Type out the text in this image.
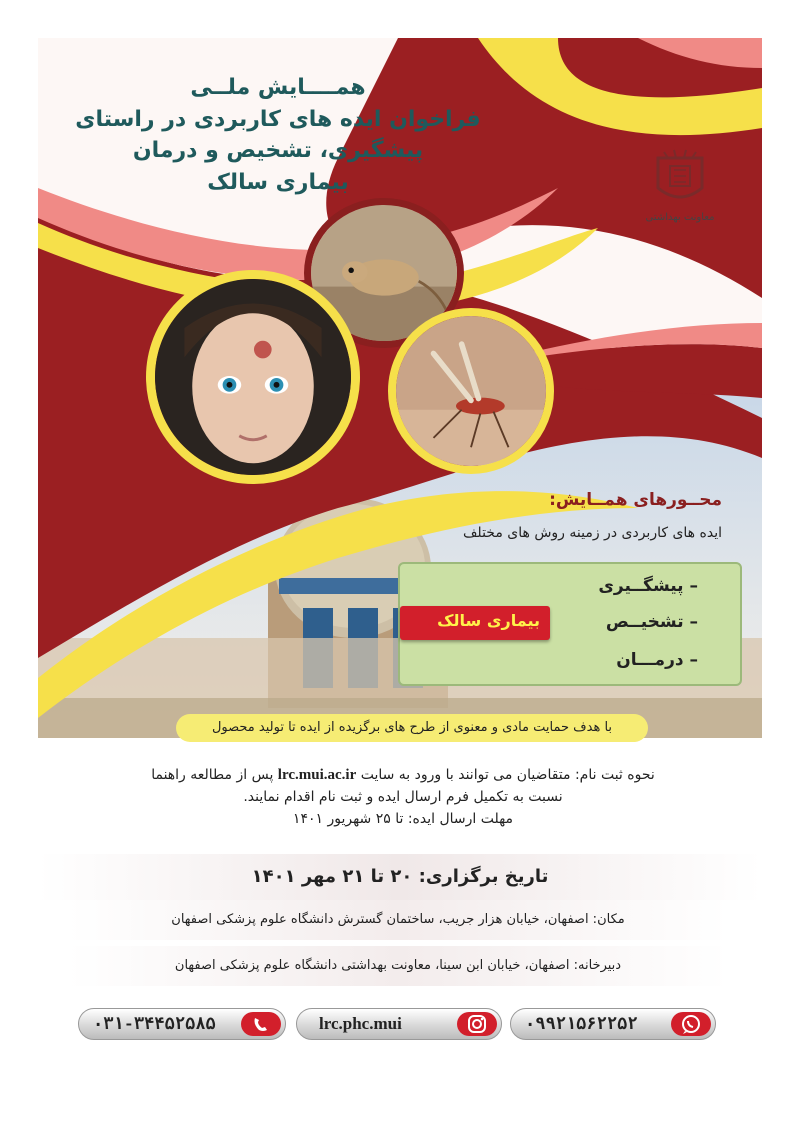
همــــایش ملــی
فراخوان ایده های کاربردی در راستای
پیشگیری، تشخیص و درمان
بیماری سالک
معاونت بهداشتی
محــورهای همــایش:
ایده های کاربردی در زمینه روش های مختلف
– پیشگــیری
– تشخیــص
– درمـــان
بیماری سالک
با هدف حمایت مادی و معنوی از طرح های برگزیده از ایده تا تولید محصول
نحوه ثبت نام: متقاضیان می توانند با ورود به سایت lrc.mui.ac.ir پس از مطالعه راهنما
نسبت به تکمیل فرم ارسال ایده و ثبت نام اقدام نمایند.
مهلت ارسال ایده: تا ۲۵ شهریور ۱۴۰۱
تاریخ برگزاری: ۲۰ تا ۲۱ مهر ۱۴۰۱
مکان: اصفهان، خیابان هزار جریب، ساختمان گسترش دانشگاه علوم پزشکی اصفهان
دبیرخانه: اصفهان، خیابان ابن سینا، معاونت بهداشتی دانشگاه علوم پزشکی اصفهان
۰۳۱-۳۴۴۵۲۵۸۵	lrc.phc.mui	۰۹۹۲۱۵۶۲۲۵۲
